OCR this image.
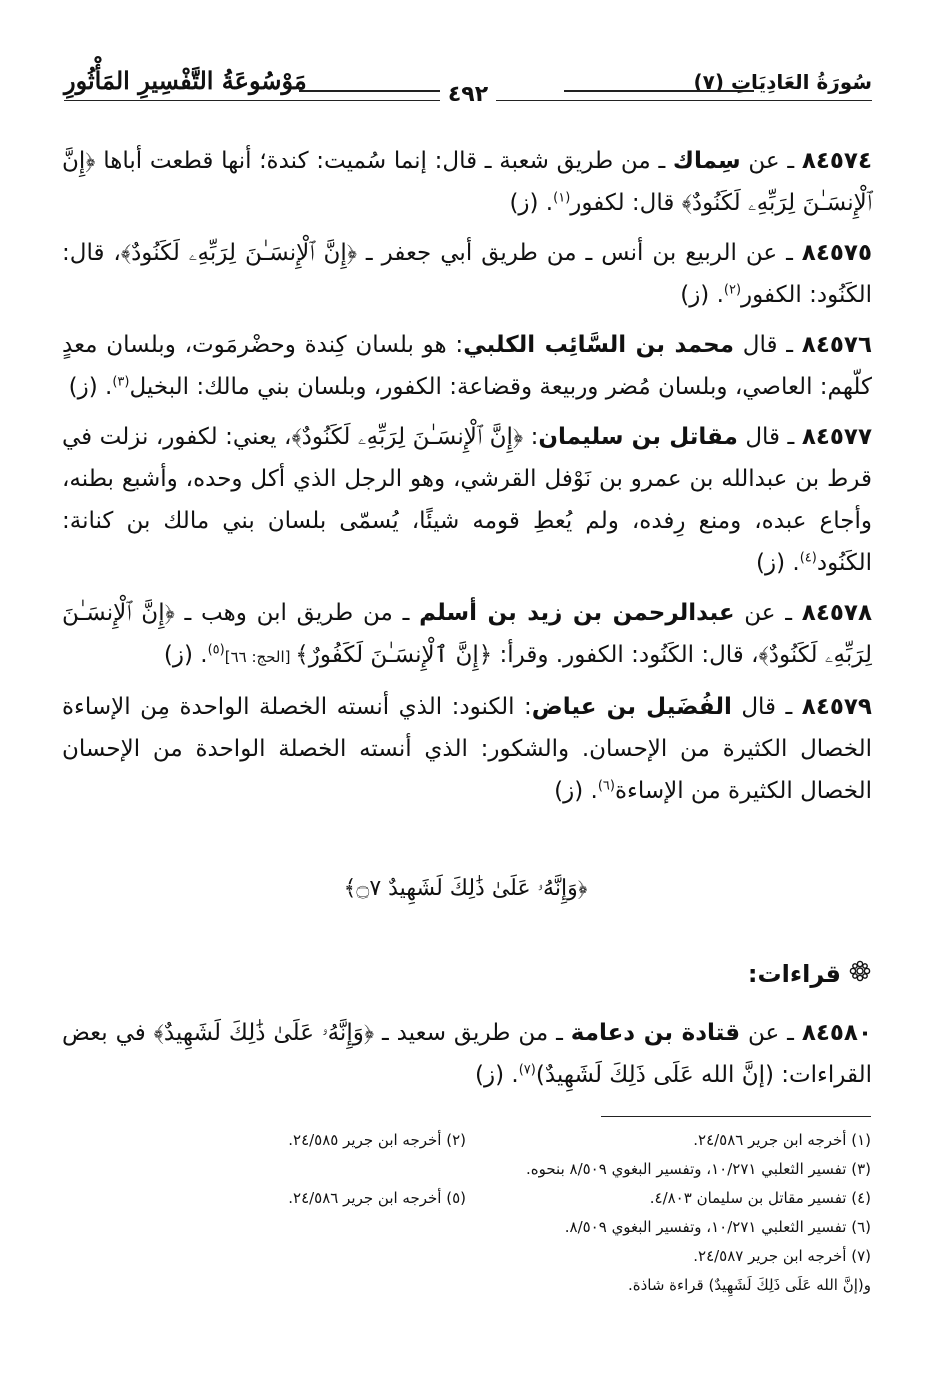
سُورَةُ العَادِيَاتِ (٧)
مَوْسُوعَةُ التَّفْسِيرِ المَأْثُورِ	٤٩٢

٨٤٥٧٤ ـ عن سِماك ـ من طريق شعبة ـ قال: إنما سُميت: كندة؛ أنها قطعت أباها ﴿إِنَّ ٱلْإِنسَـٰنَ لِرَبِّهِۦ لَكَنُودٌ﴾ قال: لكفور$^{(١)}$. (ز)

٨٤٥٧٥ ـ عن الربيع بن أنس ـ من طريق أبي جعفر ـ ﴿إِنَّ ٱلْإِنسَـٰنَ لِرَبِّهِۦ لَكَنُودٌ﴾، قال: الكَنُود: الكفور$^{(٢)}$. (ز)

٨٤٥٧٦ ـ قال محمد بن السَّائِب الكلبي: هو بلسان كِندة وحضْرمَوت، وبلسان معدٍ كلّهم: العاصي، وبلسان مُضر وربيعة وقضاعة: الكفور، وبلسان بني مالك: البخيل$^{(٣)}$. (ز)

٨٤٥٧٧ ـ قال مقاتل بن سليمان: ﴿إِنَّ ٱلْإِنسَـٰنَ لِرَبِّهِۦ لَكَنُودٌ﴾، يعني: لكفور، نزلت في قرط بن عبدالله بن عمرو بن نَوْفل القرشي، وهو الرجل الذي أكل وحده، وأشبع بطنه، وأجاع عبده، ومنع رِفده، ولم يُعطِ قومه شيئًا، يُسمّى بلسان بني مالك بن كنانة: الكَنُود$^{(٤)}$. (ز)

٨٤٥٧٨ ـ عن عبدالرحمن بن زيد بن أسلم ـ من طريق ابن وهب ـ ﴿إِنَّ ٱلْإِنسَـٰنَ لِرَبِّهِۦ لَكَنُودٌ﴾، قال: الكَنُود: الكفور. وقرأ: ﴿إِنَّ ٱلْإِنسَـٰنَ لَكَفُورٌ﴾ [الحج: ٦٦]$^{(٥)}$. (ز)

٨٤٥٧٩ ـ قال الفُضَيل بن عياض: الكنود: الذي أنسته الخصلة الواحدة مِن الإساءة الخصال الكثيرة من الإحسان. والشكور: الذي أنسته الخصلة الواحدة من الإحسان الخصال الكثيرة من الإساءة$^{(٦)}$. (ز)

﴿وَإِنَّهُۥ عَلَىٰ ذَٰلِكَ لَشَهِيدٌ ۝٧﴾
قراءات:

٨٤٥٨٠ ـ عن قتادة بن دعامة ـ من طريق سعيد ـ ﴿وَإِنَّهُۥ عَلَىٰ ذَٰلِكَ لَشَهِيدٌ﴾ في بعض القراءات: (إنَّ الله عَلَى ذَلِكَ لَشَهِيدٌ)$^{(٧)}$. (ز)

(١) أخرجه ابن جرير ٢٤/٥٨٦.
(٢) أخرجه ابن جرير ٢٤/٥٨٥.
(٣) تفسير الثعلبي ١٠/٢٧١، وتفسير البغوي ٨/٥٠٩ بنحوه.
(٤) تفسير مقاتل بن سليمان ٤/٨٠٣.
(٥) أخرجه ابن جرير ٢٤/٥٨٦.
(٦) تفسير الثعلبي ١٠/٢٧١، وتفسير البغوي ٨/٥٠٩.
(٧) أخرجه ابن جرير ٢٤/٥٨٧.
و(إنَّ الله عَلَى ذَلِكَ لَشَهِيدٌ) قراءة شاذة.
